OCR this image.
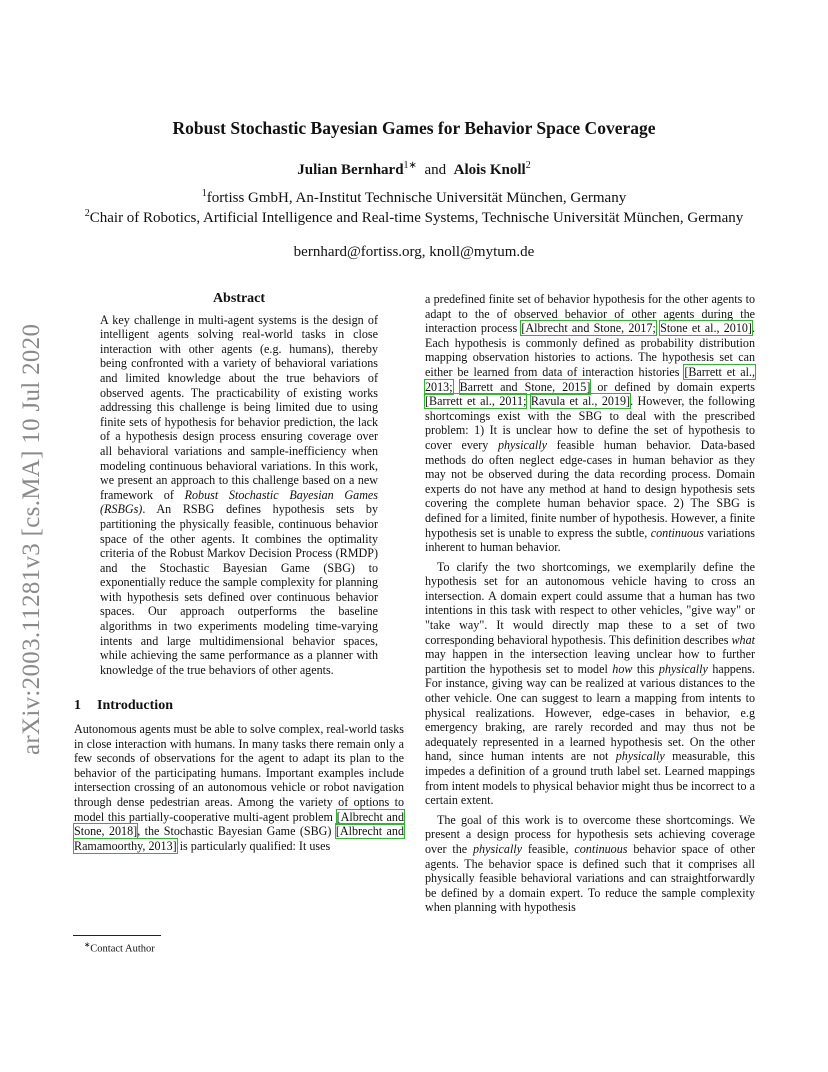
arXiv:2003.11281v3 [cs.MA] 10 Jul 2020
Robust Stochastic Bayesian Games for Behavior Space Coverage
Julian Bernhard$^{1∗}$ and Alois Knoll$^2$
$^1$fortiss GmbH, An-Institut Technische Universität München, Germany
$^2$Chair of Robotics, Artificial Intelligence and Real-time Systems, Technische Universität München, Germany
bernhard@fortiss.org, knoll@mytum.de

Abstract

A key challenge in multi-agent systems is the design of intelligent agents solving real-world tasks in close interaction with other agents (e.g. humans), thereby being confronted with a variety of behavioral variations and limited knowledge about the true behaviors of observed agents. The practicability of existing works addressing this challenge is being limited due to using finite sets of hypothesis for behavior prediction, the lack of a hypothesis design process ensuring coverage over all behavioral variations and sample-inefficiency when modeling continuous behavioral variations. In this work, we present an approach to this challenge based on a new framework of Robust Stochastic Bayesian Games (RSBGs). An RSBG defines hypothesis sets by partitioning the physically feasible, continuous behavior space of the other agents. It combines the optimality criteria of the Robust Markov Decision Process (RMDP) and the Stochastic Bayesian Game (SBG) to exponentially reduce the sample complexity for planning with hypothesis sets defined over continuous behavior spaces. Our approach outperforms the baseline algorithms in two experiments modeling time-varying intents and large multidimensional behavior spaces, while achieving the same performance as a planner with knowledge of the true behaviors of other agents.

1 Introduction

Autonomous agents must be able to solve complex, real-world tasks in close interaction with humans. In many tasks there remain only a few seconds of observations for the agent to adapt its plan to the behavior of the participating humans. Important examples include intersection crossing of an autonomous vehicle or robot navigation through dense pedestrian areas. Among the variety of options to model this partially-cooperative multi-agent problem [Albrecht and Stone, 2018], the Stochastic Bayesian Game (SBG) [Albrecht and Ramamoorthy, 2013] is particularly qualified: It uses

∗Contact Author

a predefined finite set of behavior hypothesis for the other agents to adapt to the of observed behavior of other agents during the interaction process [Albrecht and Stone, 2017; Stone et al., 2010]. Each hypothesis is commonly defined as probability distribution mapping observation histories to actions. The hypothesis set can either be learned from data of interaction histories [Barrett et al., 2013; Barrett and Stone, 2015] or defined by domain experts [Barrett et al., 2011; Ravula et al., 2019]. However, the following shortcomings exist with the SBG to deal with the prescribed problem: 1) It is unclear how to define the set of hypothesis to cover every physically feasible human behavior. Data-based methods do often neglect edge-cases in human behavior as they may not be observed during the data recording process. Domain experts do not have any method at hand to design hypothesis sets covering the complete human behavior space. 2) The SBG is defined for a limited, finite number of hypothesis. However, a finite hypothesis set is unable to express the subtle, continuous variations inherent to human behavior.

To clarify the two shortcomings, we exemplarily define the hypothesis set for an autonomous vehicle having to cross an intersection. A domain expert could assume that a human has two intentions in this task with respect to other vehicles, "give way" or "take way". It would directly map these to a set of two corresponding behavioral hypothesis. This definition describes what may happen in the intersection leaving unclear how to further partition the hypothesis set to model how this physically happens. For instance, giving way can be realized at various distances to the other vehicle. One can suggest to learn a mapping from intents to physical realizations. However, edge-cases in behavior, e.g emergency braking, are rarely recorded and may thus not be adequately represented in a learned hypothesis set. On the other hand, since human intents are not physically measurable, this impedes a definition of a ground truth label set. Learned mappings from intent models to physical behavior might thus be incorrect to a certain extent.

The goal of this work is to overcome these shortcomings. We present a design process for hypothesis sets achieving coverage over the physically feasible, continuous behavior space of other agents. The behavior space is defined such that it comprises all physically feasible behavioral variations and can straightforwardly be defined by a domain expert. To reduce the sample complexity when planning with hypothesis
